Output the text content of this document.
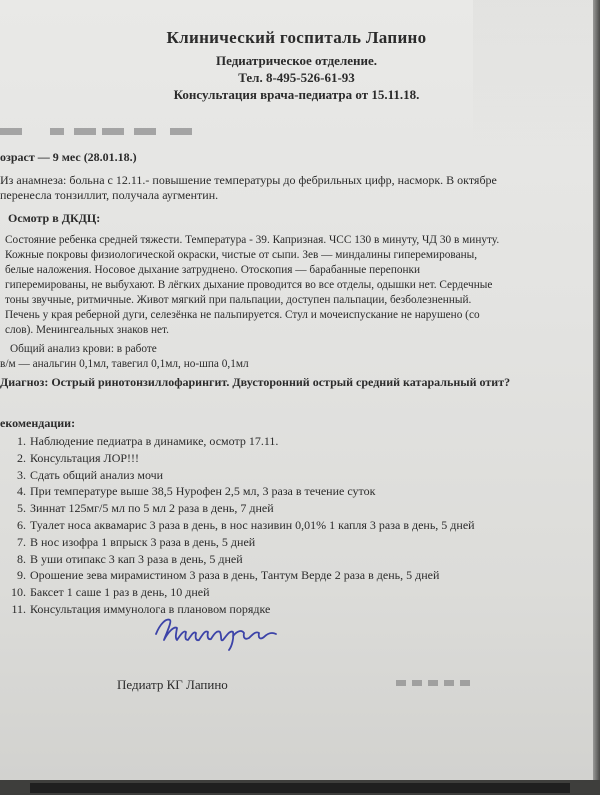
Клинический госпиталь Лапино
Педиатрическое отделение.
Тел. 8-495-526-61-93
Консультация врача-педиатра от 15.11.18.
озраст — 9 мес (28.01.18.)
Из анамнеза: больна с 12.11.- повышение температуры до фебрильных цифр, насморк. В октябре
перенесла тонзиллит, получала аугментин.
Осмотр в ДКДЦ:
Состояние ребенка средней тяжести. Температура - 39. Капризная. ЧСС 130 в минуту, ЧД 30 в минуту.
Кожные покровы физиологической окраски, чистые от сыпи. Зев — миндалины гиперемированы,
белые наложения. Носовое дыхание затруднено. Отоскопия — барабанные перепонки
гиперемированы, не выбухают. В лёгких дыхание проводится во все отделы, одышки нет. Сердечные
тоны звучные, ритмичные. Живот мягкий при пальпации, доступен пальпации, безболезненный.
Печень у края реберной дуги, селезёнка не пальпируется. Стул и мочеиспускание не нарушено (со
слов). Менингеальных знаков нет.
Общий анализ крови: в работе
в/м — анальгин 0,1мл, тавегил 0,1мл, но-шпа 0,1мл
Диагноз: Острый ринотонзиллофарингит. Двусторонний острый средний катаральный отит?
екомендации:
1. Наблюдение педиатра в динамике, осмотр 17.11.
2. Консультация ЛОР!!!
3. Сдать общий анализ мочи
4. При температуре выше 38,5 Нурофен 2,5 мл, 3 раза в течение суток
5. Зиннат 125мг/5 мл по 5 мл 2 раза в день, 7 дней
6. Туалет носа аквамарис 3 раза в день, в нос називин 0,01% 1 капля 3 раза в день, 5 дней
7. В нос изофра 1 впрыск 3 раза в день, 5 дней
8. В уши отипакс 3 кап 3 раза в день, 5 дней
9. Орошение зева мирамистином 3 раза в день, Тантум Верде 2 раза в день, 5 дней
10. Баксет 1 саше 1 раз в день, 10 дней
11. Консультация иммунолога в плановом порядке
Педиатр КГ Лапино
